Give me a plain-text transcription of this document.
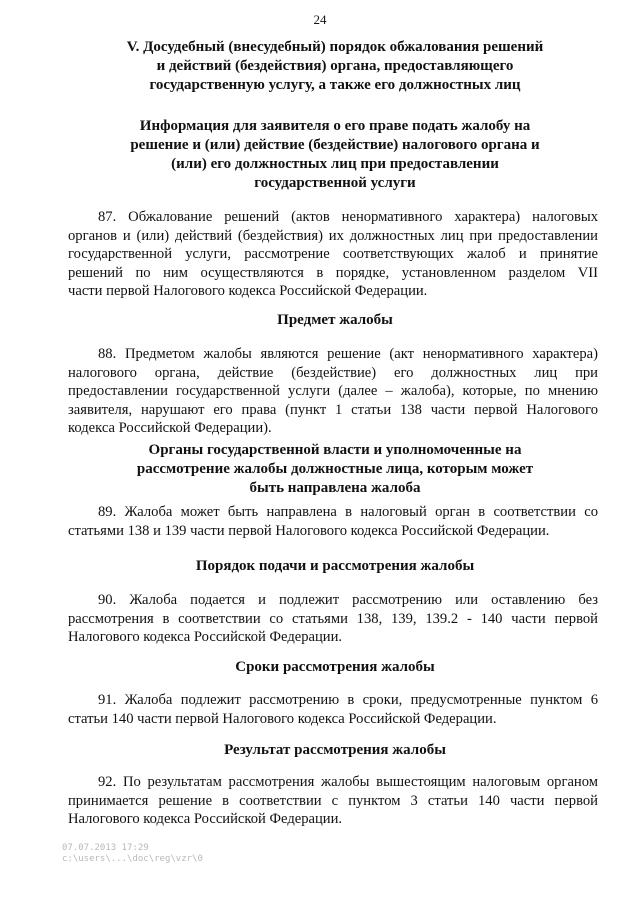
24
V. Досудебный (внесудебный) порядок обжалования решений
и действий (бездействия) органа, предоставляющего
государственную услугу, а также его должностных лиц
Информация для заявителя о его праве подать жалобу на
решение и (или) действие (бездействие) налогового органа и
(или) его должностных лиц при предоставлении
государственной услуги
87. Обжалование решений (актов ненормативного характера) налоговых
органов и (или) действий (бездействия) их должностных лиц при предоставлении
государственной услуги, рассмотрение соответствующих жалоб и принятие
решений по ним осуществляются в порядке, установленном разделом VII
части первой Налогового кодекса Российской Федерации.
Предмет жалобы
88. Предметом жалобы являются решение (акт ненормативного характера)
налогового органа, действие (бездействие) его должностных лиц при
предоставлении государственной услуги (далее – жалоба), которые, по мнению
заявителя, нарушают его права (пункт 1 статьи 138 части первой Налогового
кодекса Российской Федерации).
Органы государственной власти и уполномоченные на
рассмотрение жалобы должностные лица, которым может
быть направлена жалоба
89. Жалоба может быть направлена в налоговый орган в соответствии со
статьями 138 и 139 части первой Налогового кодекса Российской Федерации.
Порядок подачи и рассмотрения жалобы
90. Жалоба подается и подлежит рассмотрению или оставлению без
рассмотрения в соответствии со статьями 138, 139, 139.2 - 140 части первой
Налогового кодекса Российской Федерации.
Сроки рассмотрения жалобы
91. Жалоба подлежит рассмотрению в сроки, предусмотренные пунктом 6
статьи 140 части первой Налогового кодекса Российской Федерации.
Результат рассмотрения жалобы
92. По результатам рассмотрения жалобы вышестоящим налоговым органом
принимается решение в соответствии с пунктом 3 статьи 140 части первой
Налогового кодекса Российской Федерации.
07.07.2013 17:29
c:\users\...\doc\reg\vzr\0
